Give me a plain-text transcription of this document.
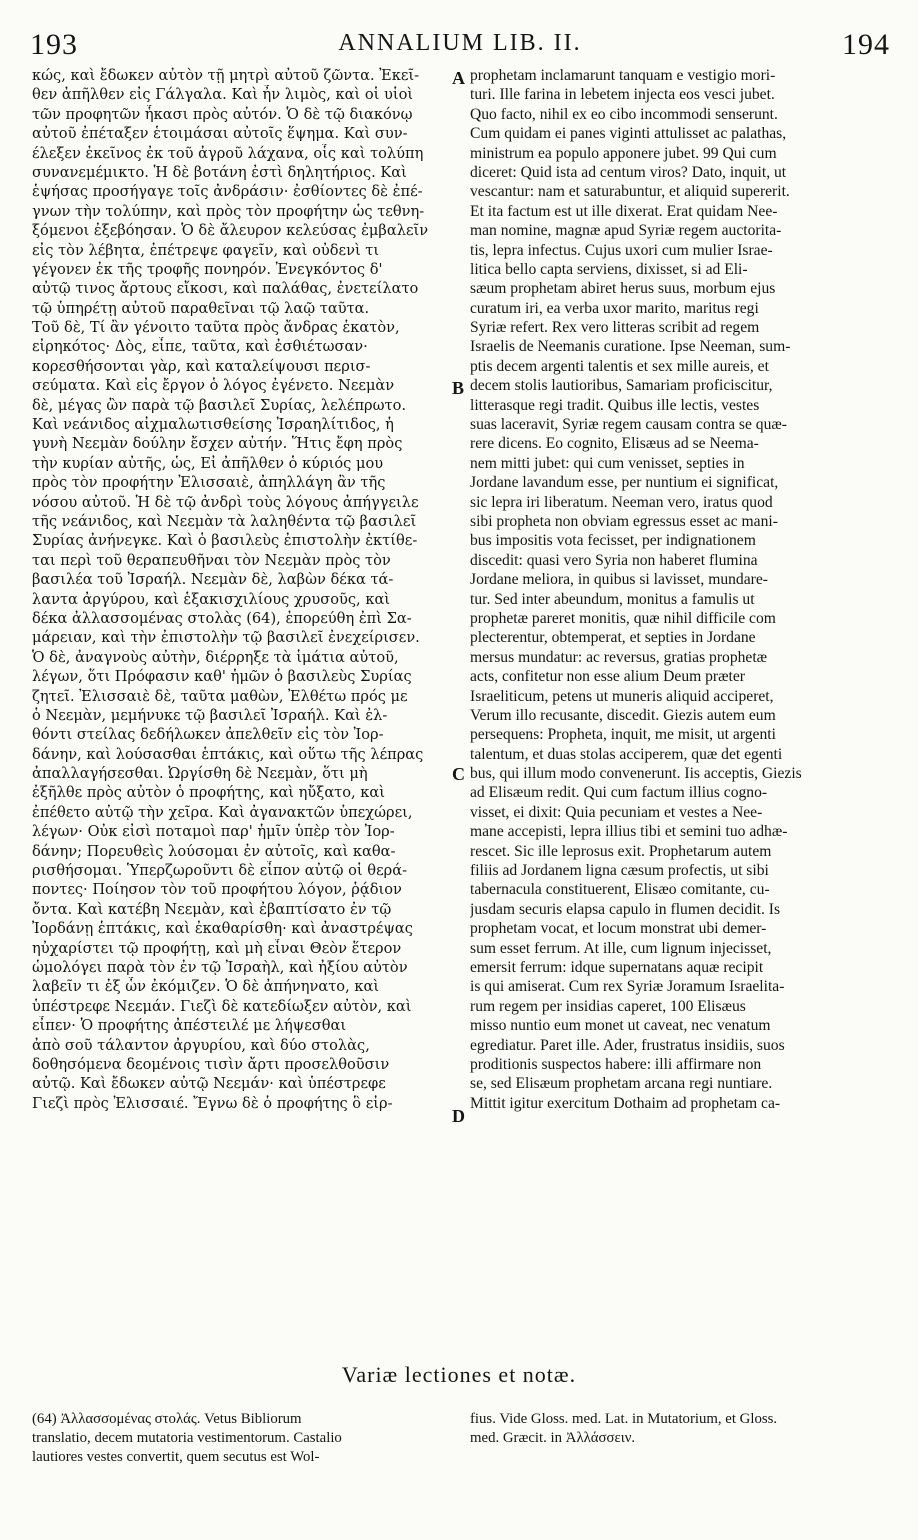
193	ANNALIUM LIB. II.	194
κώς, καὶ ἔδωκεν αὐτὸν τῇ μητρὶ αὐτοῦ ζῶντα. Ἐκεῖ-
θεν ἀπῆλθεν εἰς Γάλγαλα. Καὶ ἦν λιμὸς, καὶ οἱ υἱοὶ
τῶν προφητῶν ἧκασι πρὸς αὐτόν. Ὁ δὲ τῷ διακόνῳ
αὐτοῦ ἐπέταξεν ἑτοιμάσαι αὐτοῖς ἕψημα. Καὶ συν-
έλεξεν ἐκεῖνος ἐκ τοῦ ἀγροῦ λάχανα, οἷς καὶ τολύπη
συνανεμέμικτο. Ἡ δὲ βοτάνη ἐστὶ δηλητήριος. Καὶ
ἑψήσας προσήγαγε τοῖς ἀνδράσιν· ἐσθίοντες δὲ ἐπέ-
γνων τὴν τολύπην, καὶ πρὸς τὸν προφήτην ὡς τεθνη-
ξόμενοι ἐξεβόησαν. Ὁ δὲ ἄλευρον κελεύσας ἐμβαλεῖν
εἰς τὸν λέβητα, ἐπέτρεψε φαγεῖν, καὶ οὐδενὶ τι
γέγονεν ἐκ τῆς τροφῆς πονηρόν. Ἐνεγκόντος δ'
αὐτῷ τινος ἄρτους εἴκοσι, καὶ παλάθας, ἐνετείλατο
τῷ ὑπηρέτῃ αὐτοῦ παραθεῖναι τῷ λαῷ ταῦτα.
Τοῦ δὲ, Τί ἂν γένοιτο ταῦτα πρὸς ἄνδρας ἑκατὸν,
εἰρηκότος· Δὸς, εἶπε, ταῦτα, καὶ ἐσθιέτωσαν·
κορεσθήσονται γὰρ, καὶ καταλείψουσι περισ-
σεύματα. Καὶ εἰς ἔργον ὁ λόγος ἐγένετο. Νεεμὰν
δὲ, μέγας ὢν παρὰ τῷ βασιλεῖ Συρίας, λελέπρωτο.
Καὶ νεάνιδος αἰχμαλωτισθείσης Ἰσραηλίτιδος, ἡ
γυνὴ Νεεμὰν δούλην ἔσχεν αὐτήν. Ἥτις ἔφη πρὸς
τὴν κυρίαν αὐτῆς, ὡς, Εἰ ἀπῆλθεν ὁ κύριός μου
πρὸς τὸν προφήτην Ἐλισσαιὲ, ἀπηλλάγη ἂν τῆς
νόσου αὐτοῦ. Ἡ δὲ τῷ ἀνδρὶ τοὺς λόγους ἀπήγγειλε
τῆς νεάνιδος, καὶ Νεεμὰν τὰ λαληθέντα τῷ βασιλεῖ
Συρίας ἀνήνεγκε. Καὶ ὁ βασιλεὺς ἐπιστολὴν ἐκτίθε-
ται περὶ τοῦ θεραπευθῆναι τὸν Νεεμὰν πρὸς τὸν
βασιλέα τοῦ Ἰσραήλ. Νεεμὰν δὲ, λαβὼν δέκα τά-
λαντα ἀργύρου, καὶ ἑξακισχιλίους χρυσοῦς, καὶ
δέκα ἀλλασσομένας στολὰς (64), ἐπορεύθη ἐπὶ Σα-
μάρειαν, καὶ τὴν ἐπιστολὴν τῷ βασιλεῖ ἐνεχείρισεν.
Ὁ δὲ, ἀναγνοὺς αὐτὴν, διέρρηξε τὰ ἱμάτια αὐτοῦ,
λέγων, ὅτι Πρόφασιν καθ' ἡμῶν ὁ βασιλεὺς Συρίας
ζητεῖ. Ἐλισσαιὲ δὲ, ταῦτα μαθὼν, Ἐλθέτω πρός με
ὁ Νεεμὰν, μεμήνυκε τῷ βασιλεῖ Ἰσραήλ. Καὶ ἐλ-
θόντι στείλας δεδήλωκεν ἀπελθεῖν εἰς τὸν Ἰορ-
δάνην, καὶ λούσασθαι ἑπτάκις, καὶ οὕτω τῆς λέπρας
ἀπαλλαγήσεσθαι. Ὠργίσθη δὲ Νεεμὰν, ὅτι μὴ
ἐξῆλθε πρὸς αὐτὸν ὁ προφήτης, καὶ ηὔξατο, καὶ
ἐπέθετο αὐτῷ τὴν χεῖρα. Καὶ ἀγανακτῶν ὑπεχώρει,
λέγων· Οὐκ εἰσὶ ποταμοὶ παρ' ἡμῖν ὑπὲρ τὸν Ἰορ-
δάνην; Πορευθεὶς λούσομαι ἐν αὐτοῖς, καὶ καθα-
ρισθήσομαι. Ὑπερζωροῦντι δὲ εἶπον αὐτῷ οἱ θερά-
ποντες· Ποίησον τὸν τοῦ προφήτου λόγον, ῥᾴδιον
ὄντα. Καὶ κατέβη Νεεμὰν, καὶ ἐβαπτίσατο ἐν τῷ
Ἰορδάνῃ ἑπτάκις, καὶ ἐκαθαρίσθη· καὶ ἀναστρέψας
ηὐχαρίστει τῷ προφήτῃ, καὶ μὴ εἶναι Θεὸν ἕτερον
ὡμολόγει παρὰ τὸν ἐν τῷ Ἰσραὴλ, καὶ ἠξίου αὐτὸν
λαβεῖν τι ἐξ ὧν ἐκόμιζεν. Ὁ δὲ ἀπήνηνατο, καὶ
ὑπέστρεφε Νεεμάν. Γιεζὶ δὲ κατεδίωξεν αὐτὸν, καὶ
εἶπεν· Ὁ προφήτης ἀπέστειλέ με λήψεσθαι
ἀπὸ σοῦ τάλαντον ἀργυρίου, καὶ δύο στολὰς,
δοθησόμενα δεομένοις τισὶν ἄρτι προσελθοῦσιν
αὐτῷ. Καὶ ἔδωκεν αὐτῷ Νεεμάν· καὶ ὑπέστρεφε
Γιεζὶ πρὸς Ἐλισσαιέ. Ἔγνω δὲ ὁ προφήτης ὃ εἰρ-
prophetam inclamarunt tanquam e vestigio mori-
turi. Ille farina in lebetem injecta eos vesci jubet.
Quo facto, nihil ex eo cibo incommodi senserunt.
Cum quidam ei panes viginti attulisset ac palathas,
ministrum ea populo apponere jubet. 99 Qui cum
diceret: Quid ista ad centum viros? Dato, inquit, ut
vescantur: nam et saturabuntur, et aliquid supererit.
Et ita factum est ut ille dixerat. Erat quidam Nee-
man nomine, magnæ apud Syriæ regem auctorita-
tis, lepra infectus. Cujus uxori cum mulier Israe-
litica bello capta serviens, dixisset, si ad Eli-
sæum prophetam abiret herus suus, morbum ejus
curatum iri, ea verba uxor marito, maritus regi
Syriæ refert. Rex vero litteras scribit ad regem
Israelis de Neemanis curatione. Ipse Neeman, sum-
ptis decem argenti talentis et sex mille aureis, et
decem stolis lautioribus, Samariam proficiscitur,
litterasque regi tradit. Quibus ille lectis, vestes
suas laceravit, Syriæ regem causam contra se quæ-
rere dicens. Eo cognito, Elisæus ad se Neema-
nem mitti jubet: qui cum venisset, septies in
Jordane lavandum esse, per nuntium ei significat,
sic lepra iri liberatum. Neeman vero, iratus quod
sibi propheta non obviam egressus esset ac mani-
bus impositis vota fecisset, per indignationem
discedit: quasi vero Syria non haberet flumina
Jordane meliora, in quibus si lavisset, mundare-
tur. Sed inter abeundum, monitus a famulis ut
prophetæ pareret monitis, quæ nihil difficile com
plecterentur, obtemperat, et septies in Jordane
mersus mundatur: ac reversus, gratias prophetæ
acts, confitetur non esse alium Deum præter
Israeliticum, petens ut muneris aliquid acciperet,
Verum illo recusante, discedit. Giezis autem eum
persequens: Propheta, inquit, me misit, ut argenti
talentum, et duas stolas acciperem, quæ det egenti
bus, qui illum modo convenerunt. Iis acceptis, Giezis
ad Elisæum redit. Qui cum factum illius cogno-
visset, ei dixit: Quia pecuniam et vestes a Nee-
mane accepisti, lepra illius tibi et semini tuo adhæ-
rescet. Sic ille leprosus exit. Prophetarum autem
filiis ad Jordanem ligna cæsum profectis, ut sibi
tabernacula constituerent, Elisæo comitante, cu-
jusdam securis elapsa capulo in flumen decidit. Is
prophetam vocat, et locum monstrat ubi demer-
sum esset ferrum. At ille, cum lignum injecisset,
emersit ferrum: idque supernatans aquæ recipit
is qui amiserat. Cum rex Syriæ Joramum Israelita-
rum regem per insidias caperet, 100 Elisæus
misso nuntio eum monet ut caveat, nec venatum
egrediatur. Paret ille. Ader, frustratus insidiis, suos
proditionis suspectos habere: illi affirmare non
se, sed Elisæum prophetam arcana regi nuntiare.
Mittit igitur exercitum Dothaim ad prophetam ca-
A
B
C
D
Variæ lectiones et notæ.
(64) Ἀλλασσομένας στολάς. Vetus Bibliorum
translatio, decem mutatoria vestimentorum. Castalio
lautiores vestes convertit, quem secutus est Wol-
fius. Vide Gloss. med. Lat. in Mutatorium, et Gloss.
med. Græcit. in Ἀλλάσσειν.
